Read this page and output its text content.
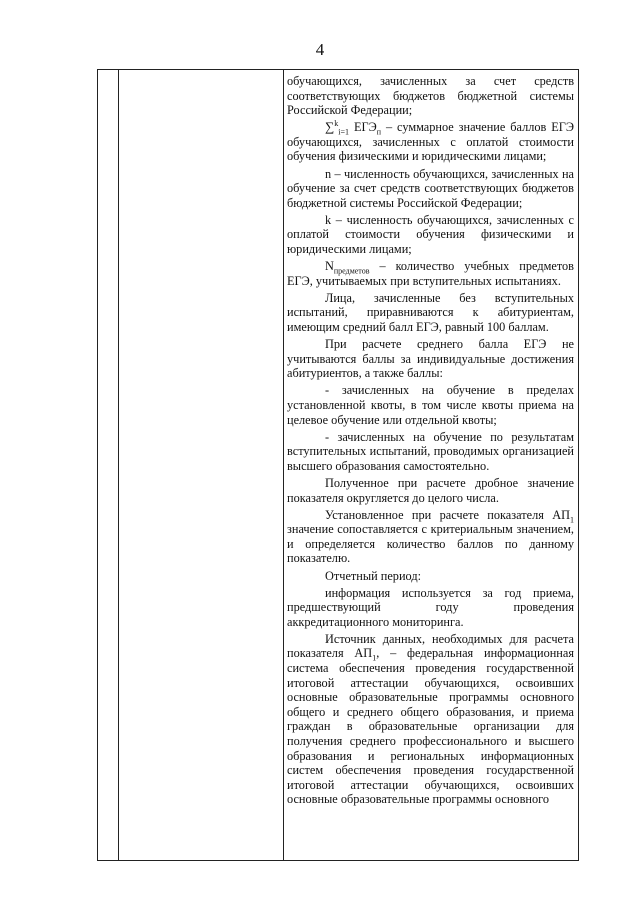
4

обучающихся, зачисленных за счет средств соответствующих бюджетов бюджетной системы Российской Федерации;

∑$^k_{i=1}$ $ЕГЭ_п$ – суммарное значение баллов ЕГЭ обучающихся, зачисленных с оплатой стоимости обучения физическими и юридическими лицами;

n – численность обучающихся, зачисленных на обучение за счет средств соответствующих бюджетов бюджетной системы Российской Федерации;

k – численность обучающихся, зачисленных с оплатой стоимости обучения физическими и юридическими лицами;

$N_{предметов}$ – количество учебных предметов ЕГЭ, учитываемых при вступительных испытаниях.

Лица, зачисленные без вступительных испытаний, приравниваются к абитуриентам, имеющим средний балл ЕГЭ, равный 100 баллам.

При расчете среднего балла ЕГЭ не учитываются баллы за индивидуальные достижения абитуриентов, а также баллы:

- зачисленных на обучение в пределах установленной квоты, в том числе квоты приема на целевое обучение или отдельной квоты;

- зачисленных на обучение по результатам вступительных испытаний, проводимых организацией высшего образования самостоятельно.

Полученное при расчете дробное значение показателя округляется до целого числа.

Установленное при расчете показателя $АП_1$ значение сопоставляется с критериальным значением, и определяется количество баллов по данному показателю.

Отчетный период:

информация используется за год приема, предшествующий году проведения аккредитационного мониторинга.

Источник данных, необходимых для расчета показателя $АП_1$, – федеральная информационная система обеспечения проведения государственной итоговой аттестации обучающихся, освоивших основные образовательные программы основного общего и среднего общего образования, и приема граждан в образовательные организации для получения среднего профессионального и высшего образования и региональных информационных систем обеспечения проведения государственной итоговой аттестации обучающихся, освоивших основные образовательные программы основного
